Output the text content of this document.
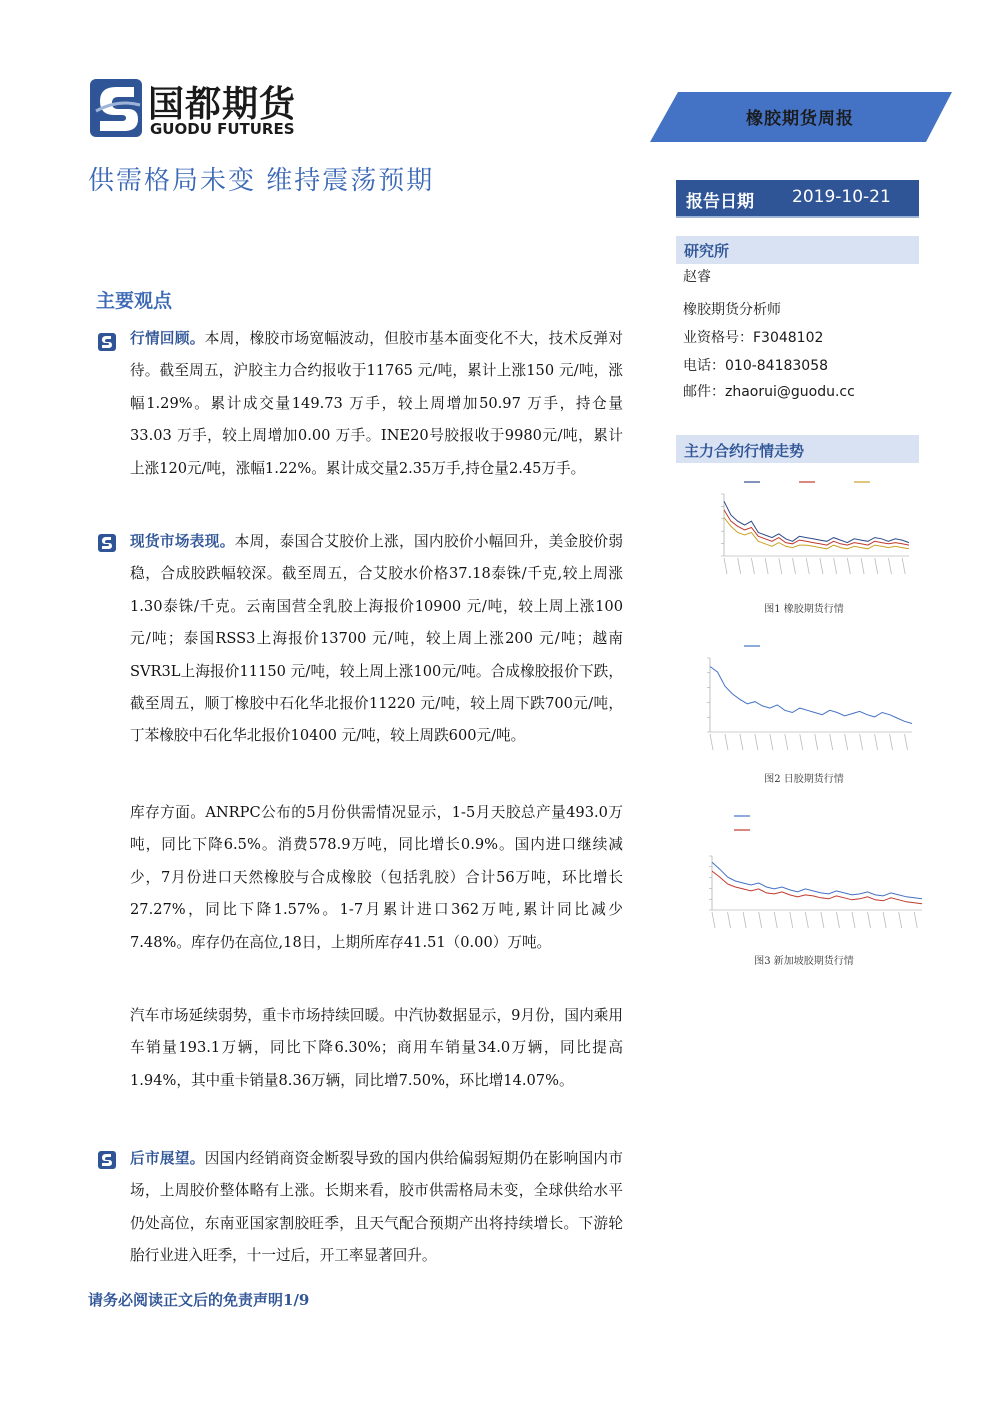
国都期货
GUODU FUTURES	橡胶期货周报
供需格局未变 维持震荡预期
报告日期 2019-10-21
研究所
赵睿
橡胶期货分析师
业资格号：F3048102
电话：010-84183058
邮件：zhaorui@guodu.cc
主力合约行情走势
图1 橡胶期货行情
图2 日胶期货行情
图3 新加坡胶期货行情
主要观点
行情回顾。本周，橡胶市场宽幅波动，但胶市基本面变化不大，技术反弹对待。截至周五，沪胶主力合约报收于11765 元/吨，累计上涨150 元/吨，涨幅1.29%。累计成交量149.73 万手，较上周增加50.97 万手，持仓量33.03 万手，较上周增加0.00 万手。INE20号胶报收于9980元/吨，累计上涨120元/吨，涨幅1.22%。累计成交量2.35万手,持仓量2.45万手。
现货市场表现。本周，泰国合艾胶价上涨，国内胶价小幅回升，美金胶价弱稳，合成胶跌幅较深。截至周五，合艾胶水价格37.18泰铢/千克,较上周涨1.30泰铢/千克。云南国营全乳胶上海报价10900 元/吨，较上周上涨100 元/吨；泰国RSS3上海报价13700 元/吨，较上周上涨200 元/吨；越南SVR3L上海报价11150 元/吨，较上周上涨100元/吨。合成橡胶报价下跌，截至周五，顺丁橡胶中石化华北报价11220 元/吨，较上周下跌700元/吨，丁苯橡胶中石化华北报价10400 元/吨，较上周跌600元/吨。
库存方面。ANRPC公布的5月份供需情况显示，1-5月天胶总产量493.0万吨，同比下降6.5%。消费578.9万吨，同比增长0.9%。国内进口继续减少，7月份进口天然橡胶与合成橡胶（包括乳胶）合计56万吨，环比增长27.27%，同比下降1.57%。1-7月累计进口362万吨,累计同比减少7.48%。库存仍在高位,18日，上期所库存41.51（0.00）万吨。
汽车市场延续弱势，重卡市场持续回暖。中汽协数据显示，9月份，国内乘用车销量193.1万辆，同比下降6.30%；商用车销量34.0万辆，同比提高1.94%，其中重卡销量8.36万辆，同比增7.50%，环比增14.07%。
后市展望。因国内经销商资金断裂导致的国内供给偏弱短期仍在影响国内市场，上周胶价整体略有上涨。长期来看，胶市供需格局未变，全球供给水平仍处高位，东南亚国家割胶旺季，且天气配合预期产出将持续增长。下游轮胎行业进入旺季，十一过后，开工率显著回升。
请务必阅读正文后的免责声明1/9
